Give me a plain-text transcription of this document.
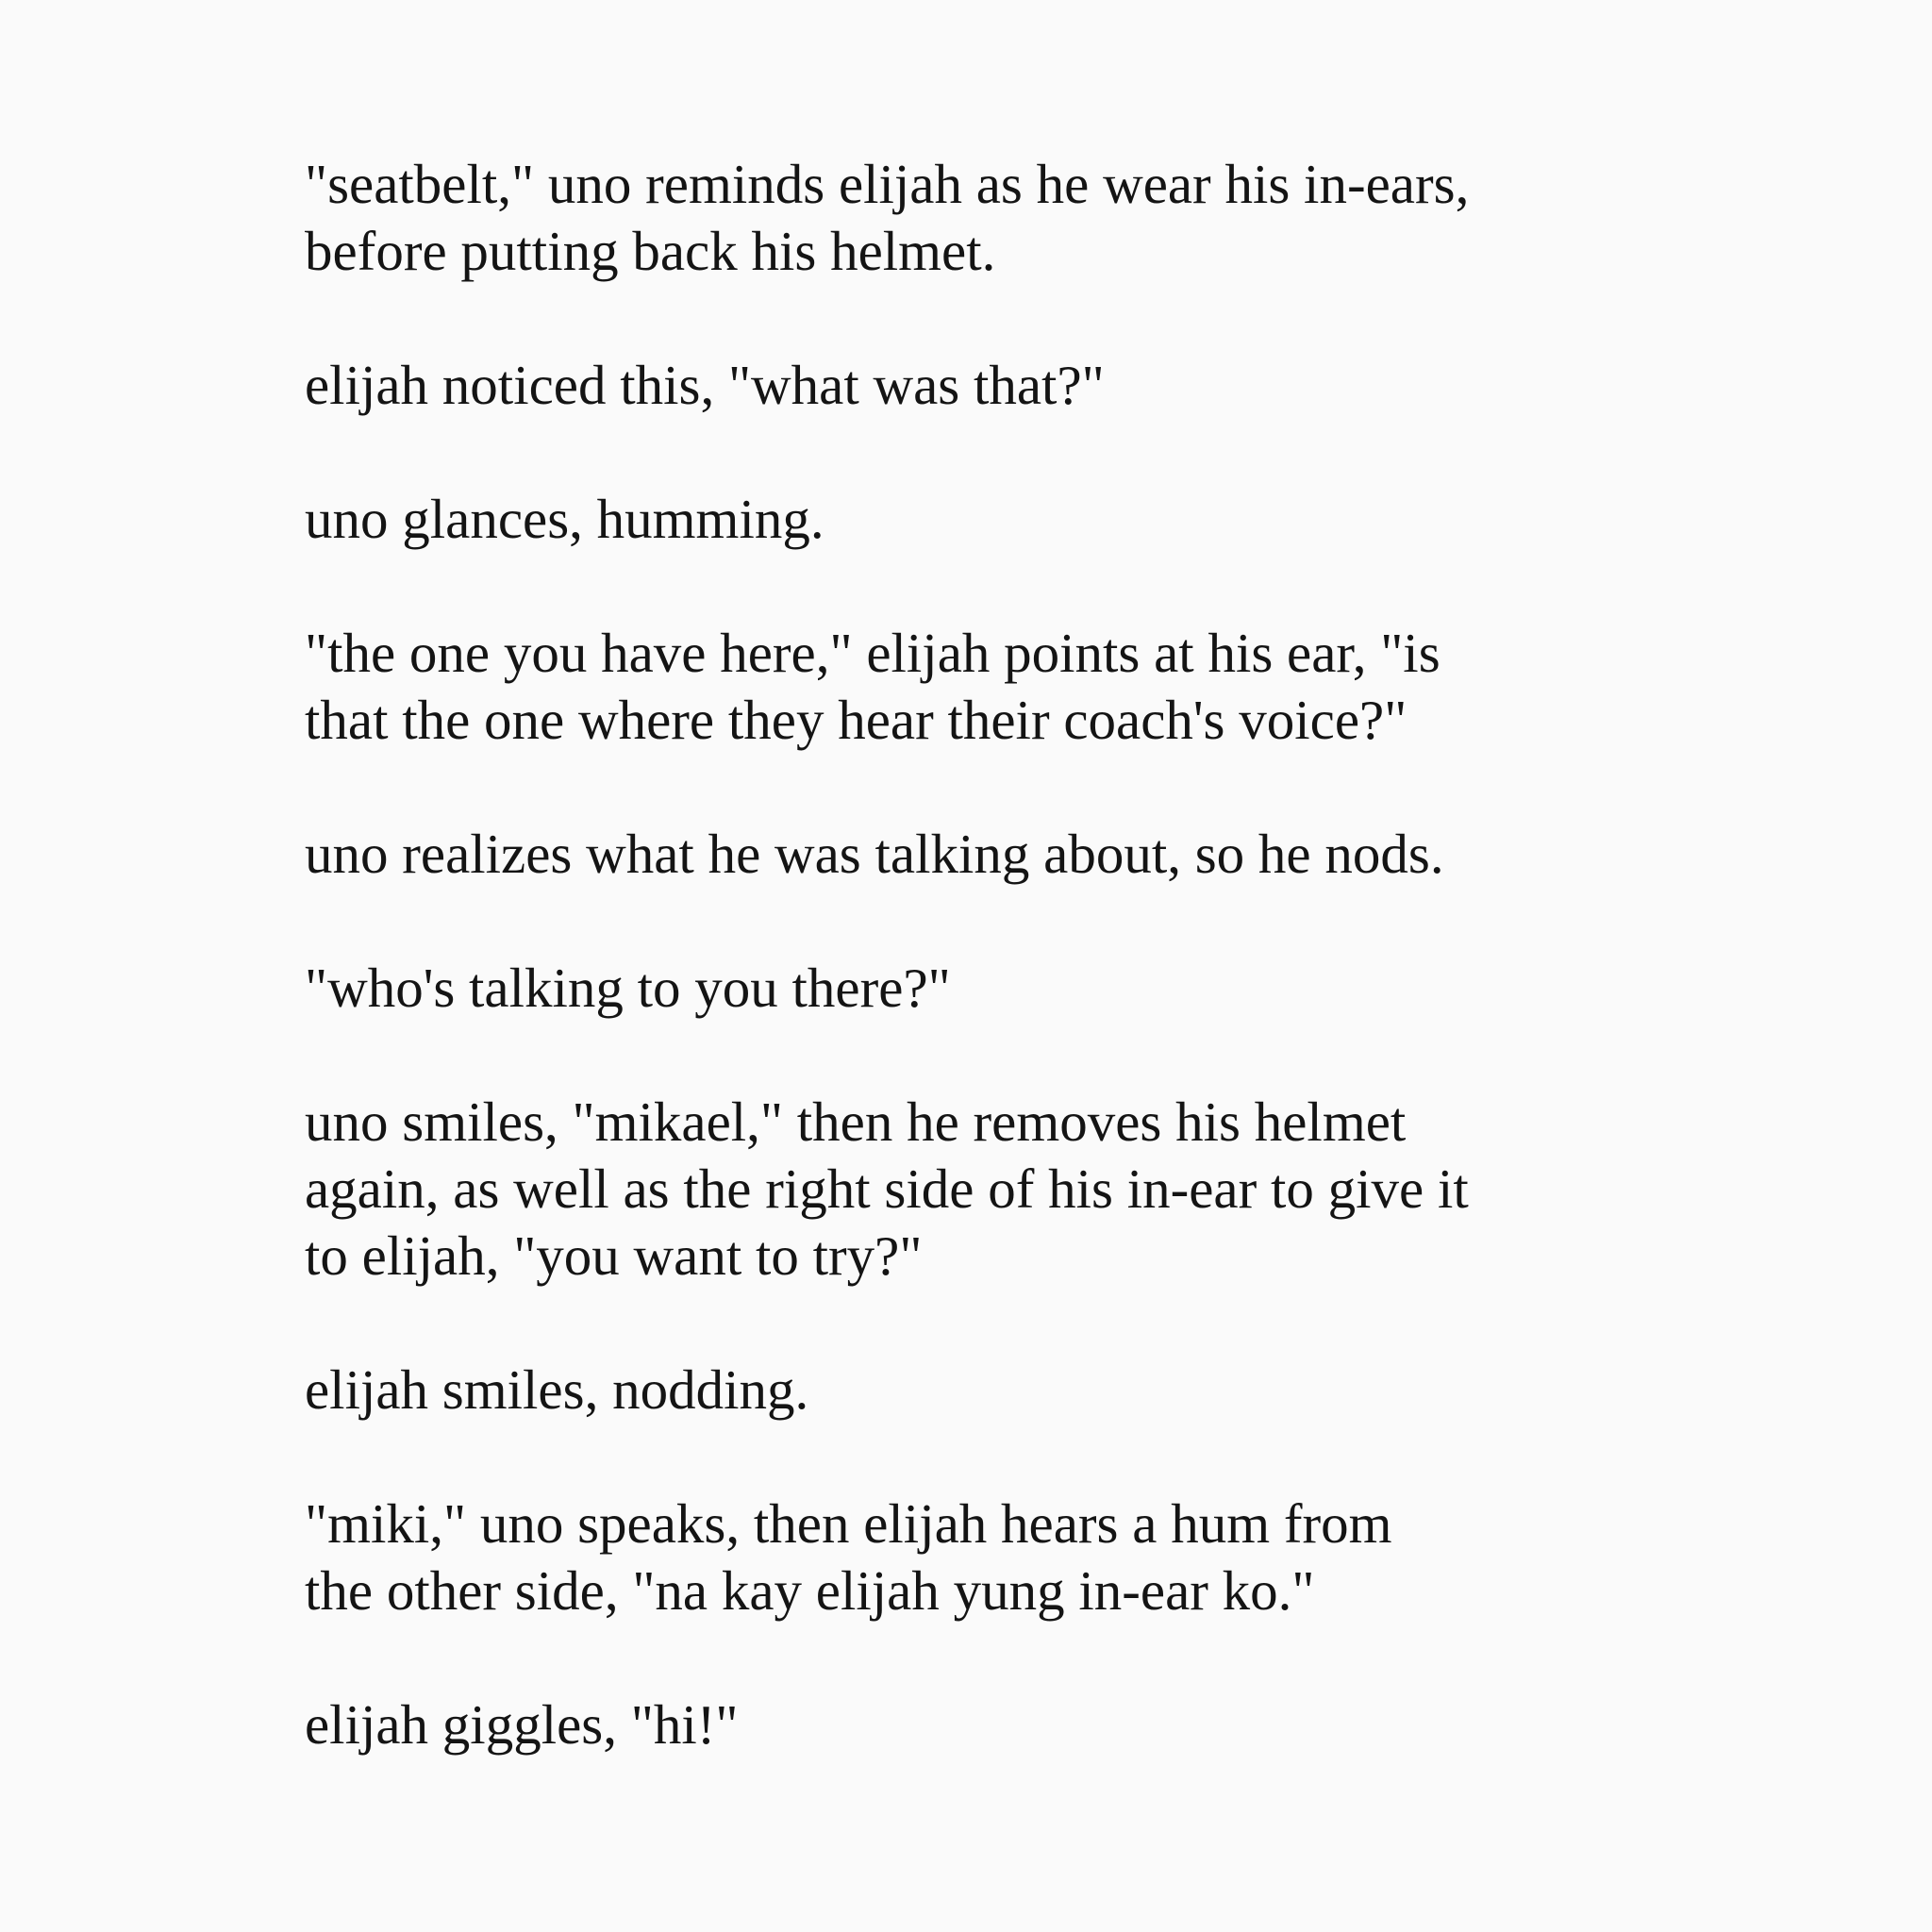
"seatbelt," uno reminds elijah as he wear his in-ears,
before putting back his helmet.

elijah noticed this, "what was that?"

uno glances, humming.

"the one you have here," elijah points at his ear, "is
that the one where they hear their coach's voice?"

uno realizes what he was talking about, so he nods.

"who's talking to you there?"

uno smiles, "mikael," then he removes his helmet
again, as well as the right side of his in-ear to give it
to elijah, "you want to try?"

elijah smiles, nodding.

"miki," uno speaks, then elijah hears a hum from
the other side, "na kay elijah yung in-ear ko."

elijah giggles, "hi!"
